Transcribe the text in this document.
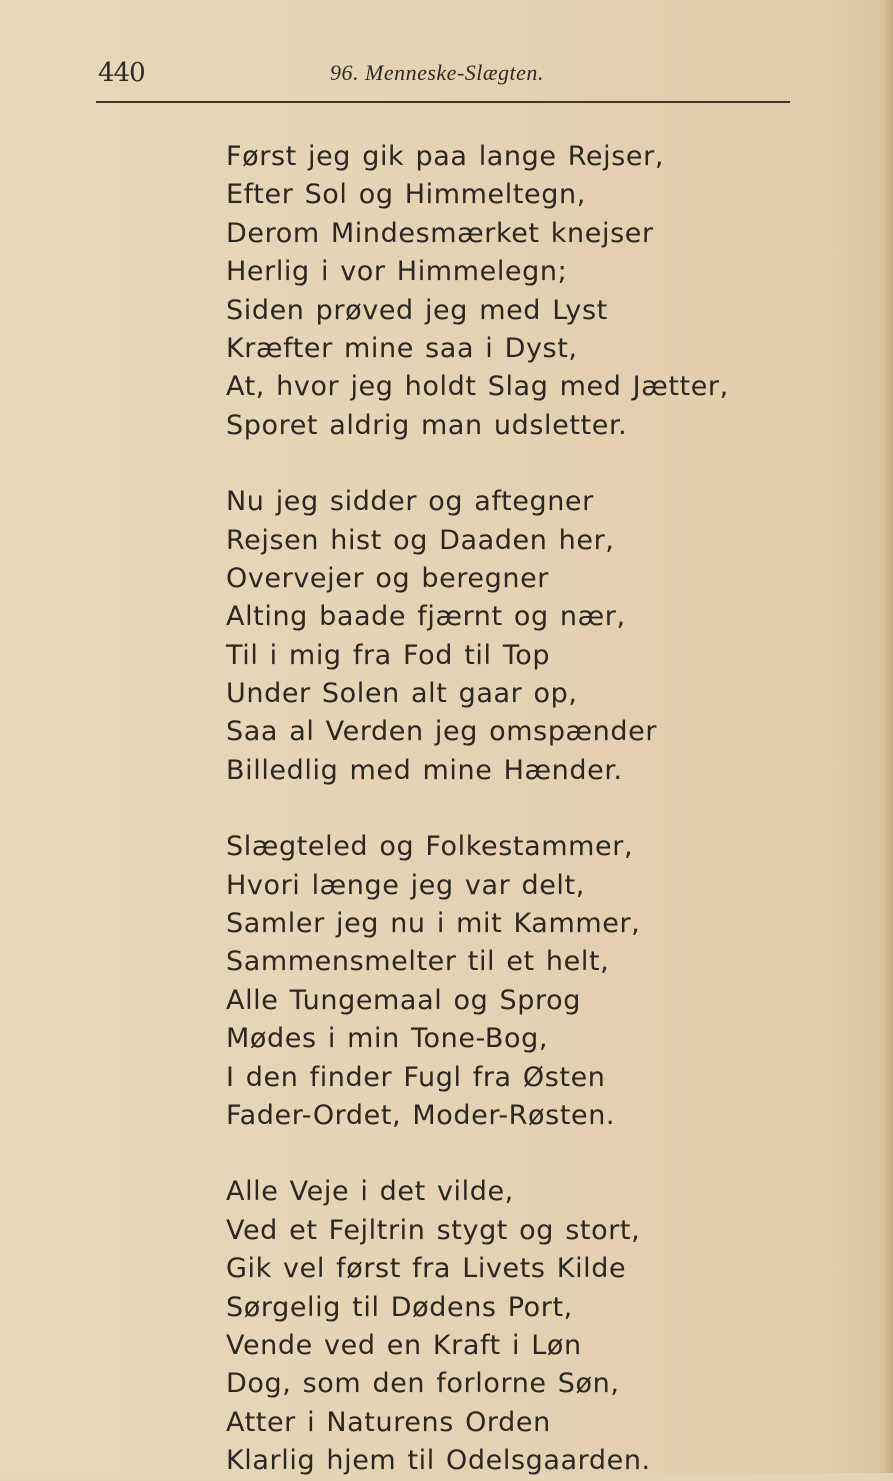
440	96. Menneske-Slægten.
Først jeg gik paa lange Rejser,
Efter Sol og Himmeltegn,
Derom Mindesmærket knejser
Herlig i vor Himmelegn;
Siden prøved jeg med Lyst
Kræfter mine saa i Dyst,
At, hvor jeg holdt Slag med Jætter,
Sporet aldrig man udsletter.
Nu jeg sidder og aftegner
Rejsen hist og Daaden her,
Overvejer og beregner
Alting baade fjærnt og nær,
Til i mig fra Fod til Top
Under Solen alt gaar op,
Saa al Verden jeg omspænder
Billedlig med mine Hænder.
Slægteled og Folkestammer,
Hvori længe jeg var delt,
Samler jeg nu i mit Kammer,
Sammensmelter til et helt,
Alle Tungemaal og Sprog
Mødes i min Tone-Bog,
I den finder Fugl fra Østen
Fader-Ordet, Moder-Røsten.
Alle Veje i det vilde,
Ved et Fejltrin stygt og stort,
Gik vel først fra Livets Kilde
Sørgelig til Dødens Port,
Vende ved en Kraft i Løn
Dog, som den forlorne Søn,
Atter i Naturens Orden
Klarlig hjem til Odelsgaarden.
